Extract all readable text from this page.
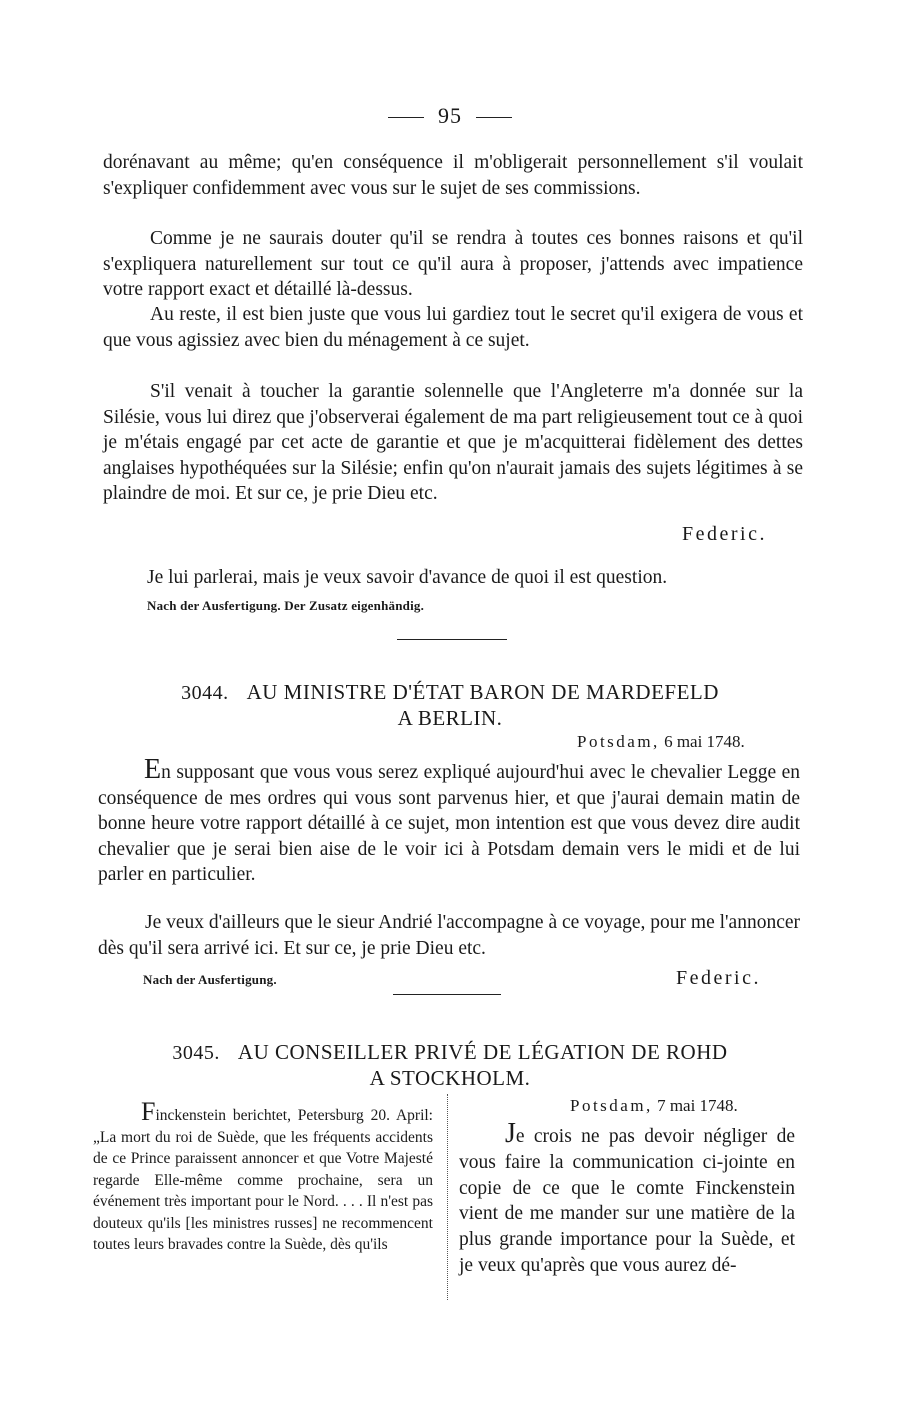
95

dorénavant au même; qu'en conséquence il m'obligerait personnellement s'il voulait s'expliquer confidemment avec vous sur le sujet de ses commissions.

Comme je ne saurais douter qu'il se rendra à toutes ces bonnes raisons et qu'il s'expliquera naturellement sur tout ce qu'il aura à proposer, j'attends avec impatience votre rapport exact et détaillé là-dessus.

Au reste, il est bien juste que vous lui gardiez tout le secret qu'il exigera de vous et que vous agissiez avec bien du ménagement à ce sujet.

S'il venait à toucher la garantie solennelle que l'Angleterre m'a donnée sur la Silésie, vous lui direz que j'observerai également de ma part religieusement tout ce à quoi je m'étais engagé par cet acte de garantie et que je m'acquitterai fidèlement des dettes anglaises hypothéquées sur la Silésie; enfin qu'on n'aurait jamais des sujets légitimes à se plaindre de moi. Et sur ce, je prie Dieu etc.

Federic.

Je lui parlerai, mais je veux savoir d'avance de quoi il est question.

Nach der Ausfertigung. Der Zusatz eigenhändig.
3044. AU MINISTRE D'ÉTAT BARON DE MARDEFELD
A BERLIN.
Potsdam, 6 mai 1748.

En supposant que vous vous serez expliqué aujourd'hui avec le chevalier Legge en conséquence de mes ordres qui vous sont parvenus hier, et que j'aurai demain matin de bonne heure votre rapport détaillé à ce sujet, mon intention est que vous devez dire audit chevalier que je serai bien aise de le voir ici à Potsdam demain vers le midi et de lui parler en particulier.

Je veux d'ailleurs que le sieur Andrié l'accompagne à ce voyage, pour me l'annoncer dès qu'il sera arrivé ici. Et sur ce, je prie Dieu etc.

Nach der Ausfertigung.	Federic.
3045. AU CONSEILLER PRIVÉ DE LÉGATION DE ROHD
A STOCKHOLM.
Potsdam, 7 mai 1748.

Finckenstein berichtet, Petersburg 20. April: „La mort du roi de Suède, que les fréquents accidents de ce Prince paraissent annoncer et que Votre Majesté regarde Elle-même comme prochaine, sera un événement très important pour le Nord. . . . Il n'est pas douteux qu'ils [les ministres russes] ne recommencent toutes leurs bravades contre la Suède, dès qu'ils

Je crois ne pas devoir négliger de vous faire la communication ci-jointe en copie de ce que le comte Finckenstein vient de me mander sur une matière de la plus grande importance pour la Suède, et je veux qu'après que vous aurez dé-
